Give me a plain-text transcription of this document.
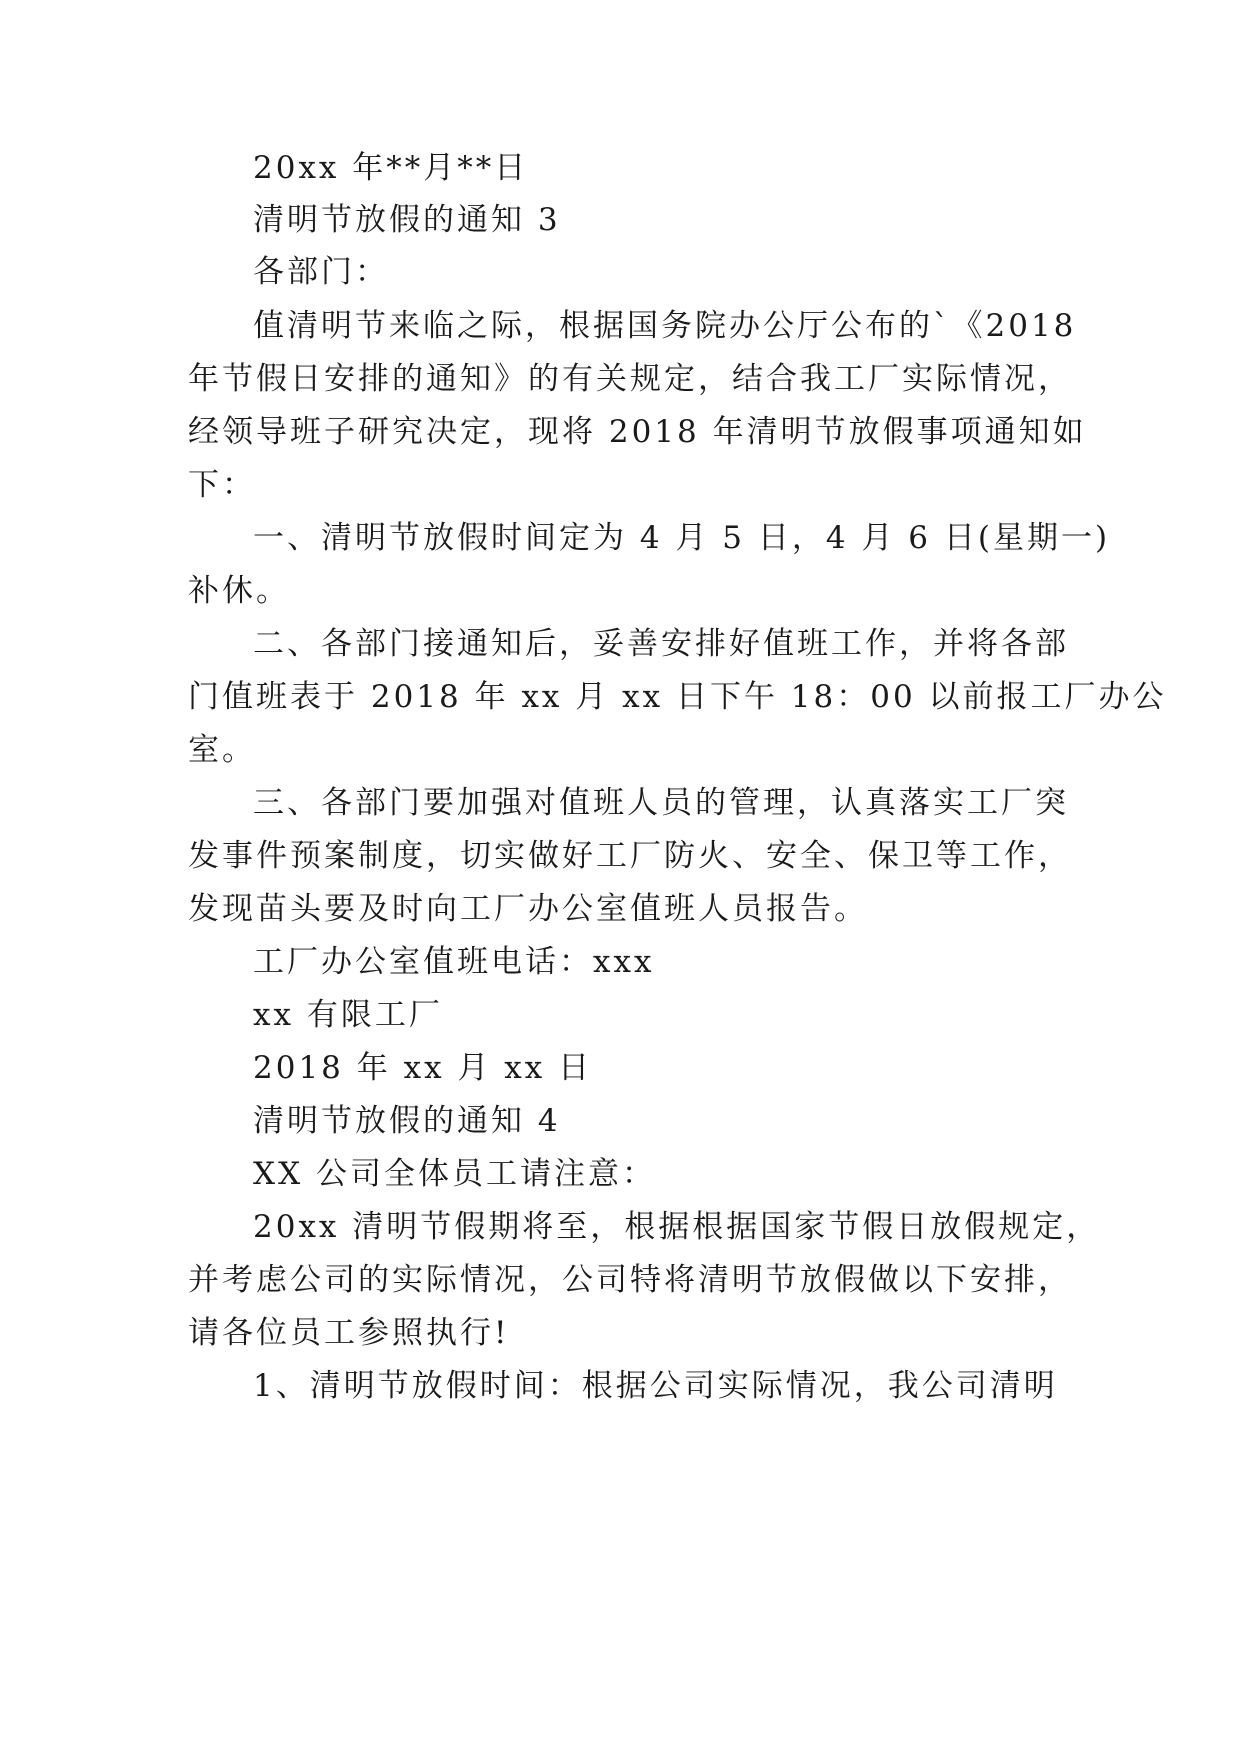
20xx 年**月**日

清明节放假的通知 3

各部门：

值清明节来临之际，根据国务院办公厅公布的`《2018

年节假日安排的通知》的有关规定，结合我工厂实际情况，

经领导班子研究决定，现将 2018 年清明节放假事项通知如

下：

一、清明节放假时间定为 4 月 5 日，4 月 6 日(星期一)

补休。

二、各部门接通知后，妥善安排好值班工作，并将各部

门值班表于 2018 年 xx 月 xx 日下午 18：00 以前报工厂办公

室。

三、各部门要加强对值班人员的管理，认真落实工厂突

发事件预案制度，切实做好工厂防火、安全、保卫等工作，

发现苗头要及时向工厂办公室值班人员报告。

工厂办公室值班电话：xxx

xx 有限工厂

2018 年 xx 月 xx 日

清明节放假的通知 4

XX 公司全体员工请注意：

20xx 清明节假期将至，根据根据国家节假日放假规定，

并考虑公司的实际情况，公司特将清明节放假做以下安排，

请各位员工参照执行!

1、清明节放假时间：根据公司实际情况，我公司清明
